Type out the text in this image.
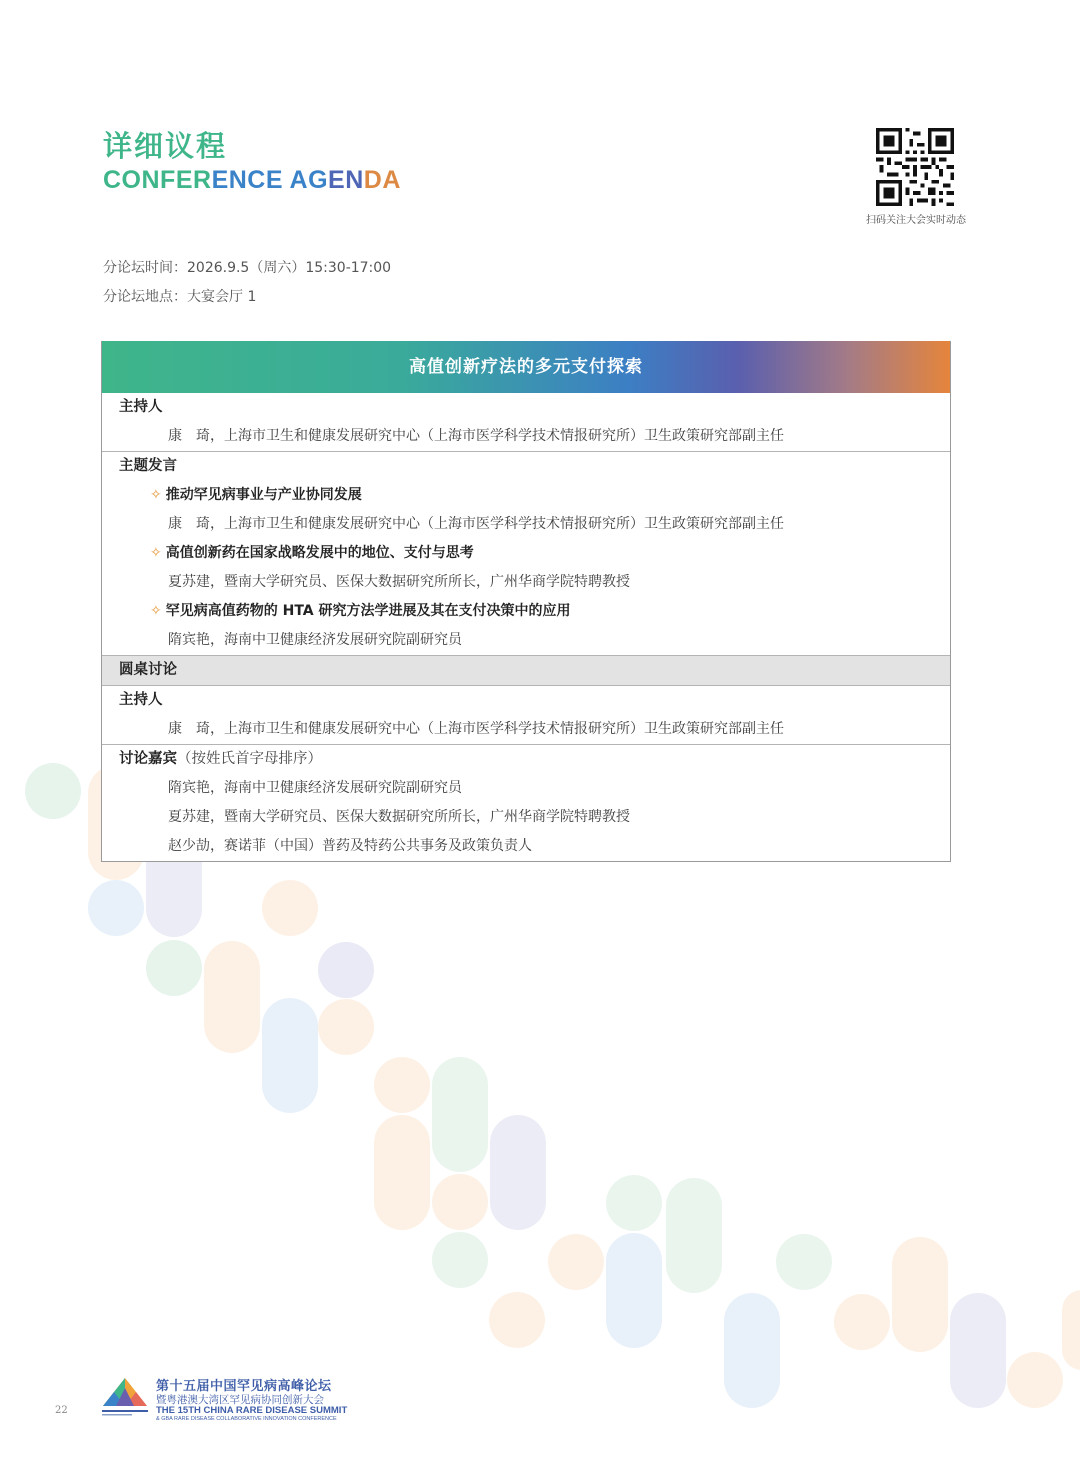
详细议程
CONFERENCE AGENDA
扫码关注大会实时动态
分论坛时间：2026.9.5（周六）15:30-17:00
分论坛地点：大宴会厅 1
高值创新疗法的多元支付探索
主持人
康　琦，上海市卫生和健康发展研究中心（上海市医学科学技术情报研究所）卫生政策研究部副主任
主题发言
✧ 推动罕见病事业与产业协同发展
康　琦，上海市卫生和健康发展研究中心（上海市医学科学技术情报研究所）卫生政策研究部副主任
✧ 高值创新药在国家战略发展中的地位、支付与思考
夏苏建，暨南大学研究员、医保大数据研究所所长，广州华商学院特聘教授
✧ 罕见病高值药物的 HTA 研究方法学进展及其在支付决策中的应用
隋宾艳，海南中卫健康经济发展研究院副研究员
圆桌讨论
主持人
康　琦，上海市卫生和健康发展研究中心（上海市医学科学技术情报研究所）卫生政策研究部副主任
讨论嘉宾（按姓氏首字母排序）
隋宾艳，海南中卫健康经济发展研究院副研究员
夏苏建，暨南大学研究员、医保大数据研究所所长，广州华商学院特聘教授
赵少劼，赛诺菲（中国）普药及特药公共事务及政策负责人
第十五届中国罕见病高峰论坛
暨粤港澳大湾区罕见病协同创新大会
THE 15TH CHINA RARE DISEASE SUMMIT
& GBA RARE DISEASE COLLABORATIVE INNOVATION CONFERENCE
22
